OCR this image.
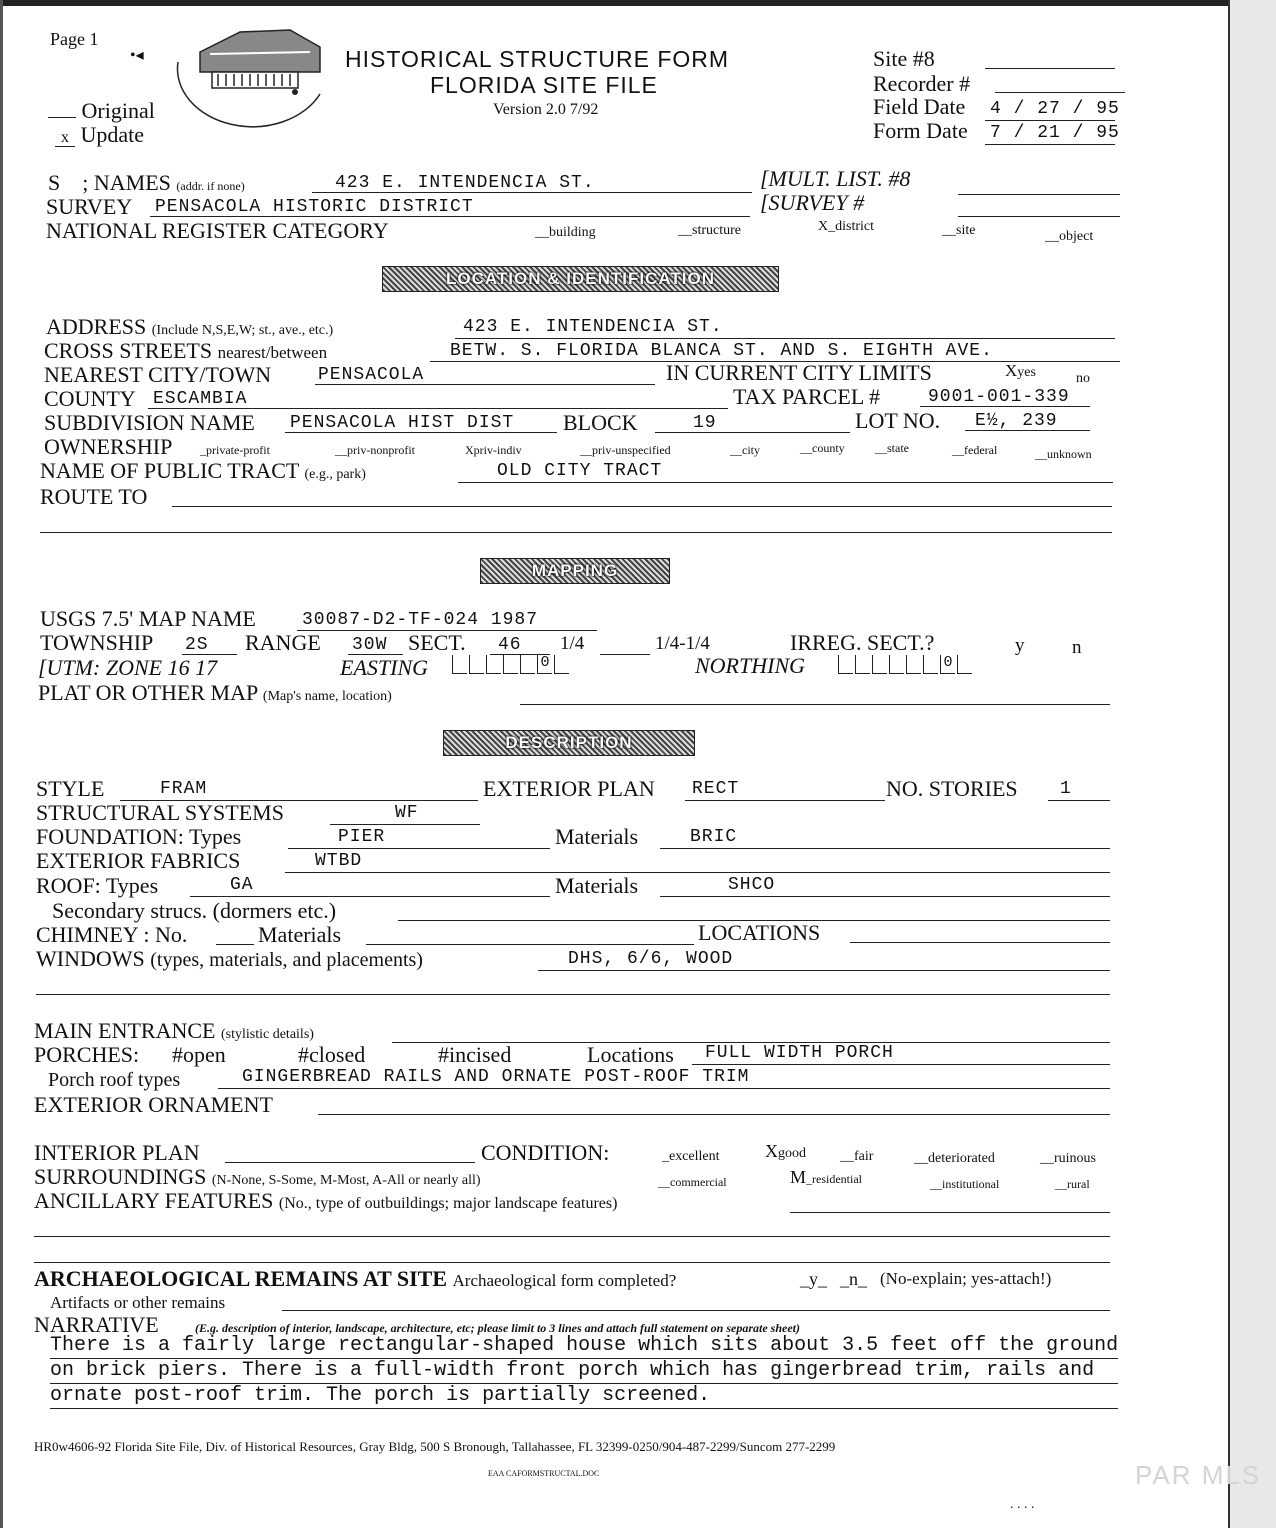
Page 1
•◂	HISTORICAL STRUCTURE FORM
FLORIDA SITE FILE
Version 2.0 7/92
Original
x Update
Site #8
Recorder #
Field Date 4 / 27 / 95
Form Date 7 / 21 / 95
S    ; NAMES (addr. if none)	423 E. INTENDENCIA ST.	[MULT. LIST. #8
SURVEY PENSACOLA HISTORIC DISTRICT	[SURVEY #
NATIONAL REGISTER CATEGORY	__building	__structure	X_district	__site	__object
LOCATION & IDENTIFICATION
ADDRESS (Include N,S,E,W; st., ave., etc.)	423 E. INTENDENCIA ST.
CROSS STREETS nearest/between	BETW. S. FLORIDA BLANCA ST. AND S. EIGHTH AVE.
NEAREST CITY/TOWN	PENSACOLA	IN CURRENT CITY LIMITS	Xyes	no
COUNTY ESCAMBIA	TAX PARCEL #	9001-001-339
SUBDIVISION NAME PENSACOLA HIST DIST BLOCK	19	LOT NO. E½, 239
OWNERSHIP _private-profit	__priv-nonprofit	Xpriv-indiv	__priv-unspecified	__city	__county	__state	__federal	__unknown
NAME OF PUBLIC TRACT (e.g., park)	OLD CITY TRACT
ROUTE TO
MAPPING
USGS 7.5' MAP NAME	30087-D2-TF-024 1987
TOWNSHIP 2S RANGE 30W SECT. 46 1/4	1/4-1/4	IRREG. SECT.?	y	n
[UTM: ZONE 16 17	EASTING	0	NORTHING	0
PLAT OR OTHER MAP (Map's name, location)
DESCRIPTION
STYLE	FRAM	EXTERIOR PLAN RECT	NO. STORIES 1
STRUCTURAL SYSTEMS	WF
FOUNDATION: Types	PIER	Materials	BRIC
EXTERIOR FABRICS	WTBD
ROOF: Types	GA	Materials	SHCO
Secondary strucs. (dormers etc.)
CHIMNEY : No.	Materials	LOCATIONS
WINDOWS (types, materials, and placements)	DHS, 6/6, WOOD
MAIN ENTRANCE (stylistic details)
PORCHES: #open	#closed	#incised	Locations FULL WIDTH PORCH
Porch roof types	GINGERBREAD RAILS AND ORNATE POST-ROOF TRIM
EXTERIOR ORNAMENT
INTERIOR PLAN	CONDITION:	_excellent	Xgood __fair	__deteriorated	__ruinous
SURROUNDINGS (N-None, S-Some, M-Most, A-All or nearly all)	__commercial	M_residential	__institutional	__rural
ANCILLARY FEATURES (No., type of outbuildings; major landscape features)
ARCHAEOLOGICAL REMAINS AT SITE Archaeological form completed?	_y_ _n_ (No-explain; yes-attach!)
Artifacts or other remains
NARRATIVE	(E.g. description of interior, landscape, architecture, etc; please limit to 3 lines and attach full statement on separate sheet)
There is a fairly large rectangular-shaped house which sits about 3.5 feet off the ground
on brick piers. There is a full-width front porch which has gingerbread trim, rails and
ornate post-roof trim. The porch is partially screened.
HR0w4606-92 Florida Site File, Div. of Historical Resources, Gray Bldg, 500 S Bronough, Tallahassee, FL 32399-0250/904-487-2299/Suncom 277-2299
EAA CAFORMSTRUCTAL.DOC	PAR MLS
. . . .
